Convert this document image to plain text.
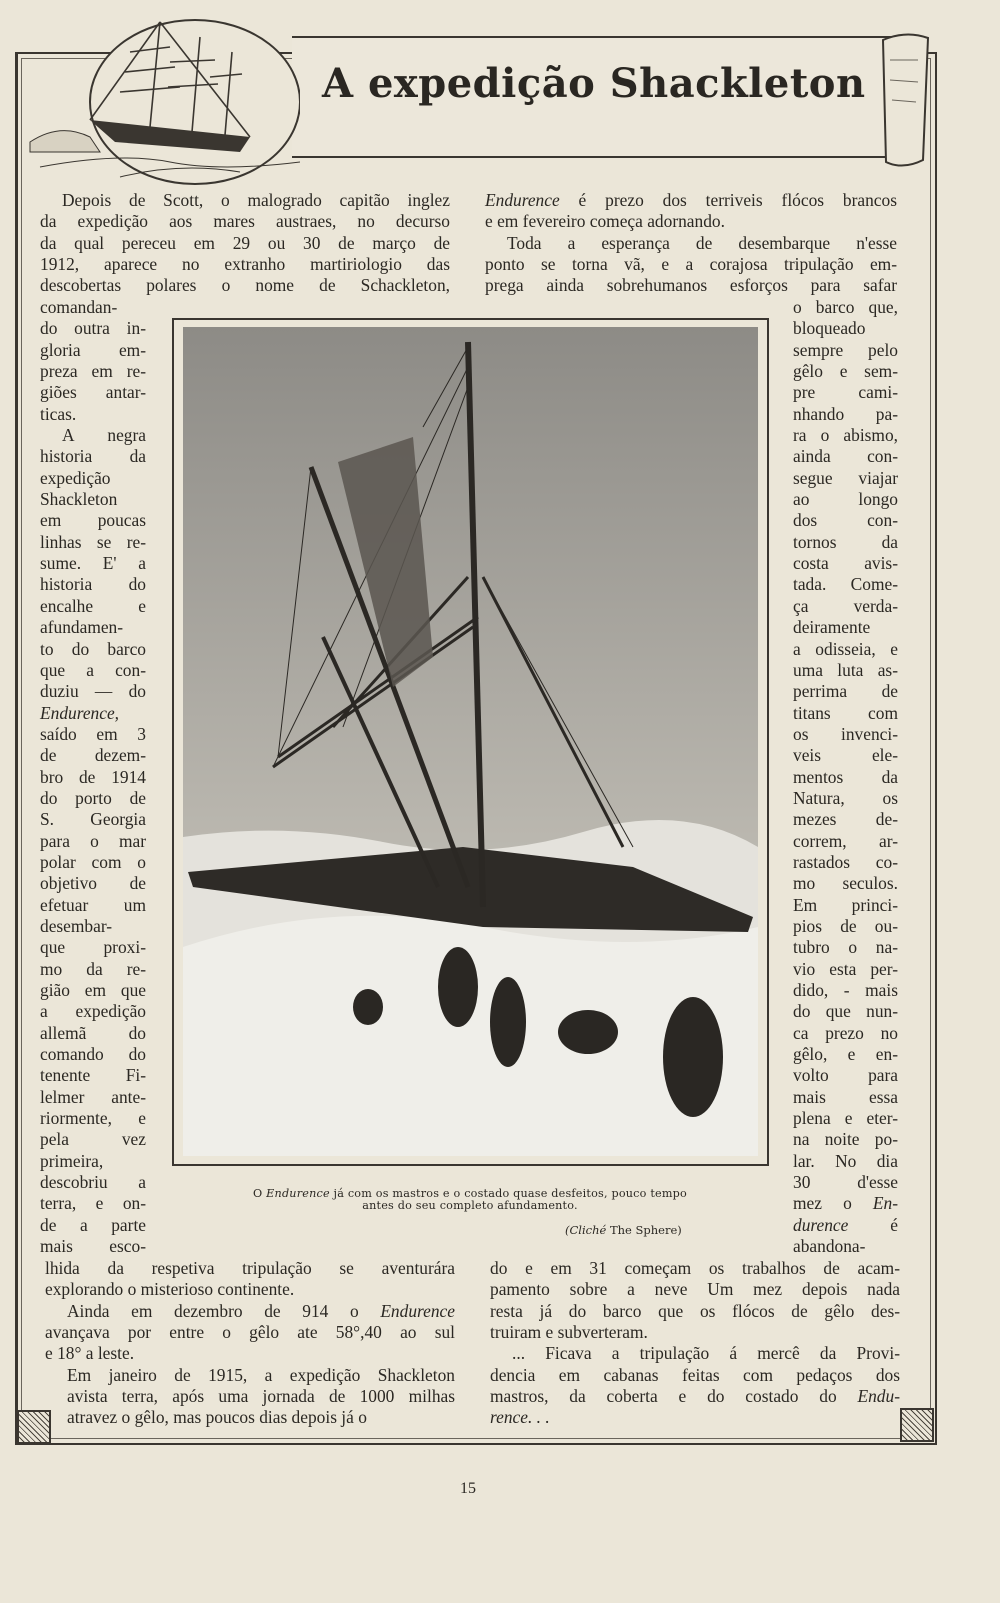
A expedição Shackleton
Depois de Scott, o malogrado capitão inglez
da expedição aos mares austraes, no decurso
da qual pereceu em 29 ou 30 de março de
1912, aparece no extranho martiriologio das
descobertas polares o nome de Schackleton,
Endurence é prezo dos terriveis flócos brancos
e em fevereiro começa adornando.
Toda a esperança de desembarque n'esse
ponto se torna vã, e a corajosa tripulação em-
prega ainda sobrehumanos esforços para safar
comandan-
do outra in-
gloria em-
preza em re-
giões antar-
ticas.
A negra
historia da
expedição
Shackleton
em poucas
linhas se re-
sume. E' a
historia do
encalhe e
afundamen-
to do barco
que a con-
duziu — do
Endurence,
saído em 3
de dezem-
bro de 1914
do porto de
S. Georgia
para o mar
polar com o
objetivo de
efetuar um
desembar-
que proxi-
mo da re-
gião em que
a expedição
allemã do
comando do
tenente Fi-
lelmer ante-
riormente, e
pela vez
primeira,
descobriu a
terra, e on-
de a parte
mais esco-
o barco que,
bloqueado
sempre pelo
gêlo e sem-
pre cami-
nhando pa-
ra o abismo,
ainda con-
segue viajar
ao longo
dos con-
tornos da
costa avis-
tada. Come-
ça verda-
deiramente
a odisseia, e
uma luta as-
perrima de
titans com
os invenci-
veis ele-
mentos da
Natura, os
mezes de-
correm, ar-
rastados co-
mo seculos.
Em princi-
pios de ou-
tubro o na-
vio esta per-
dido, - mais
do que nun-
ca prezo no
gêlo, e en-
volto para
mais essa
plena e eter-
na noite po-
lar. No dia
30 d'esse
mez o En-
durence é
abandona-
lhida da respetiva tripulação se aventurára
explorando o misterioso continente.
Ainda em dezembro de 914 o Endurence
avançava por entre o gêlo ate 58°,40 ao sul
e 18° a leste.
Em janeiro de 1915, a expedição Shackleton
avista terra, após uma jornada de 1000 milhas
atravez o gêlo, mas poucos dias depois já o
do e em 31 começam os trabalhos de acam-
pamento sobre a neve Um mez depois nada
resta já do barco que os flócos de gêlo des-
truiram e subverteram.
... Ficava a tripulação á mercê da Provi-
dencia em cabanas feitas com pedaços dos
mastros, da coberta e do costado do Endu-
rence. . .
O Endurence já com os mastros e o costado quase desfeitos, pouco tempo
antes do seu completo afundamento.
(Cliché The Sphere)
15
